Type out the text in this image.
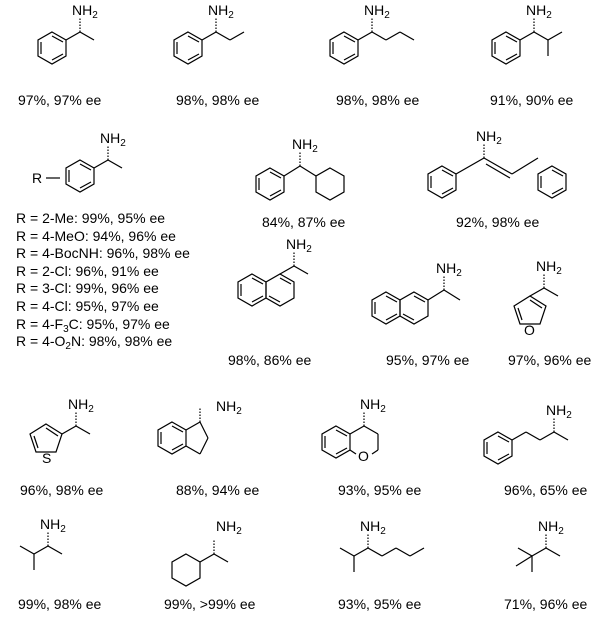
$NH_2$	$NH_2$	$NH_2$	$NH_2$
$NH_2$	$NH_2$
$NH_2$
$NH_2$
$NH_2$	$NH_2$
$NH_2$	$NH_2$	$NH_2$	$NH_2$
$NH_2$	$NH_2$	$NH_2$	$NH_2$
R
O
S	O
97%, 97% ee	98%, 98% ee	98%, 98% ee	91%, 90% ee
84%, 87% ee	92%, 98% ee
98%, 86% ee	95%, 97% ee	97%, 96% ee
96%, 98% ee	88%, 94% ee	93%, 95% ee	96%, 65% ee
99%, 98% ee	99%, >99% ee	93%, 95% ee	71%, 96% ee
R = 2-Me: 99%, 95% ee
R = 4-MeO: 94%, 96% ee
R = 4-BocNH: 96%, 98% ee
R = 2-Cl: 96%, 91% ee
R = 3-Cl: 99%, 96% ee
R = 4-Cl: 95%, 97% ee
$R = 4-F_3C$: 95%, 97% ee
$R = 4-O_2N$: 98%, 98% ee
